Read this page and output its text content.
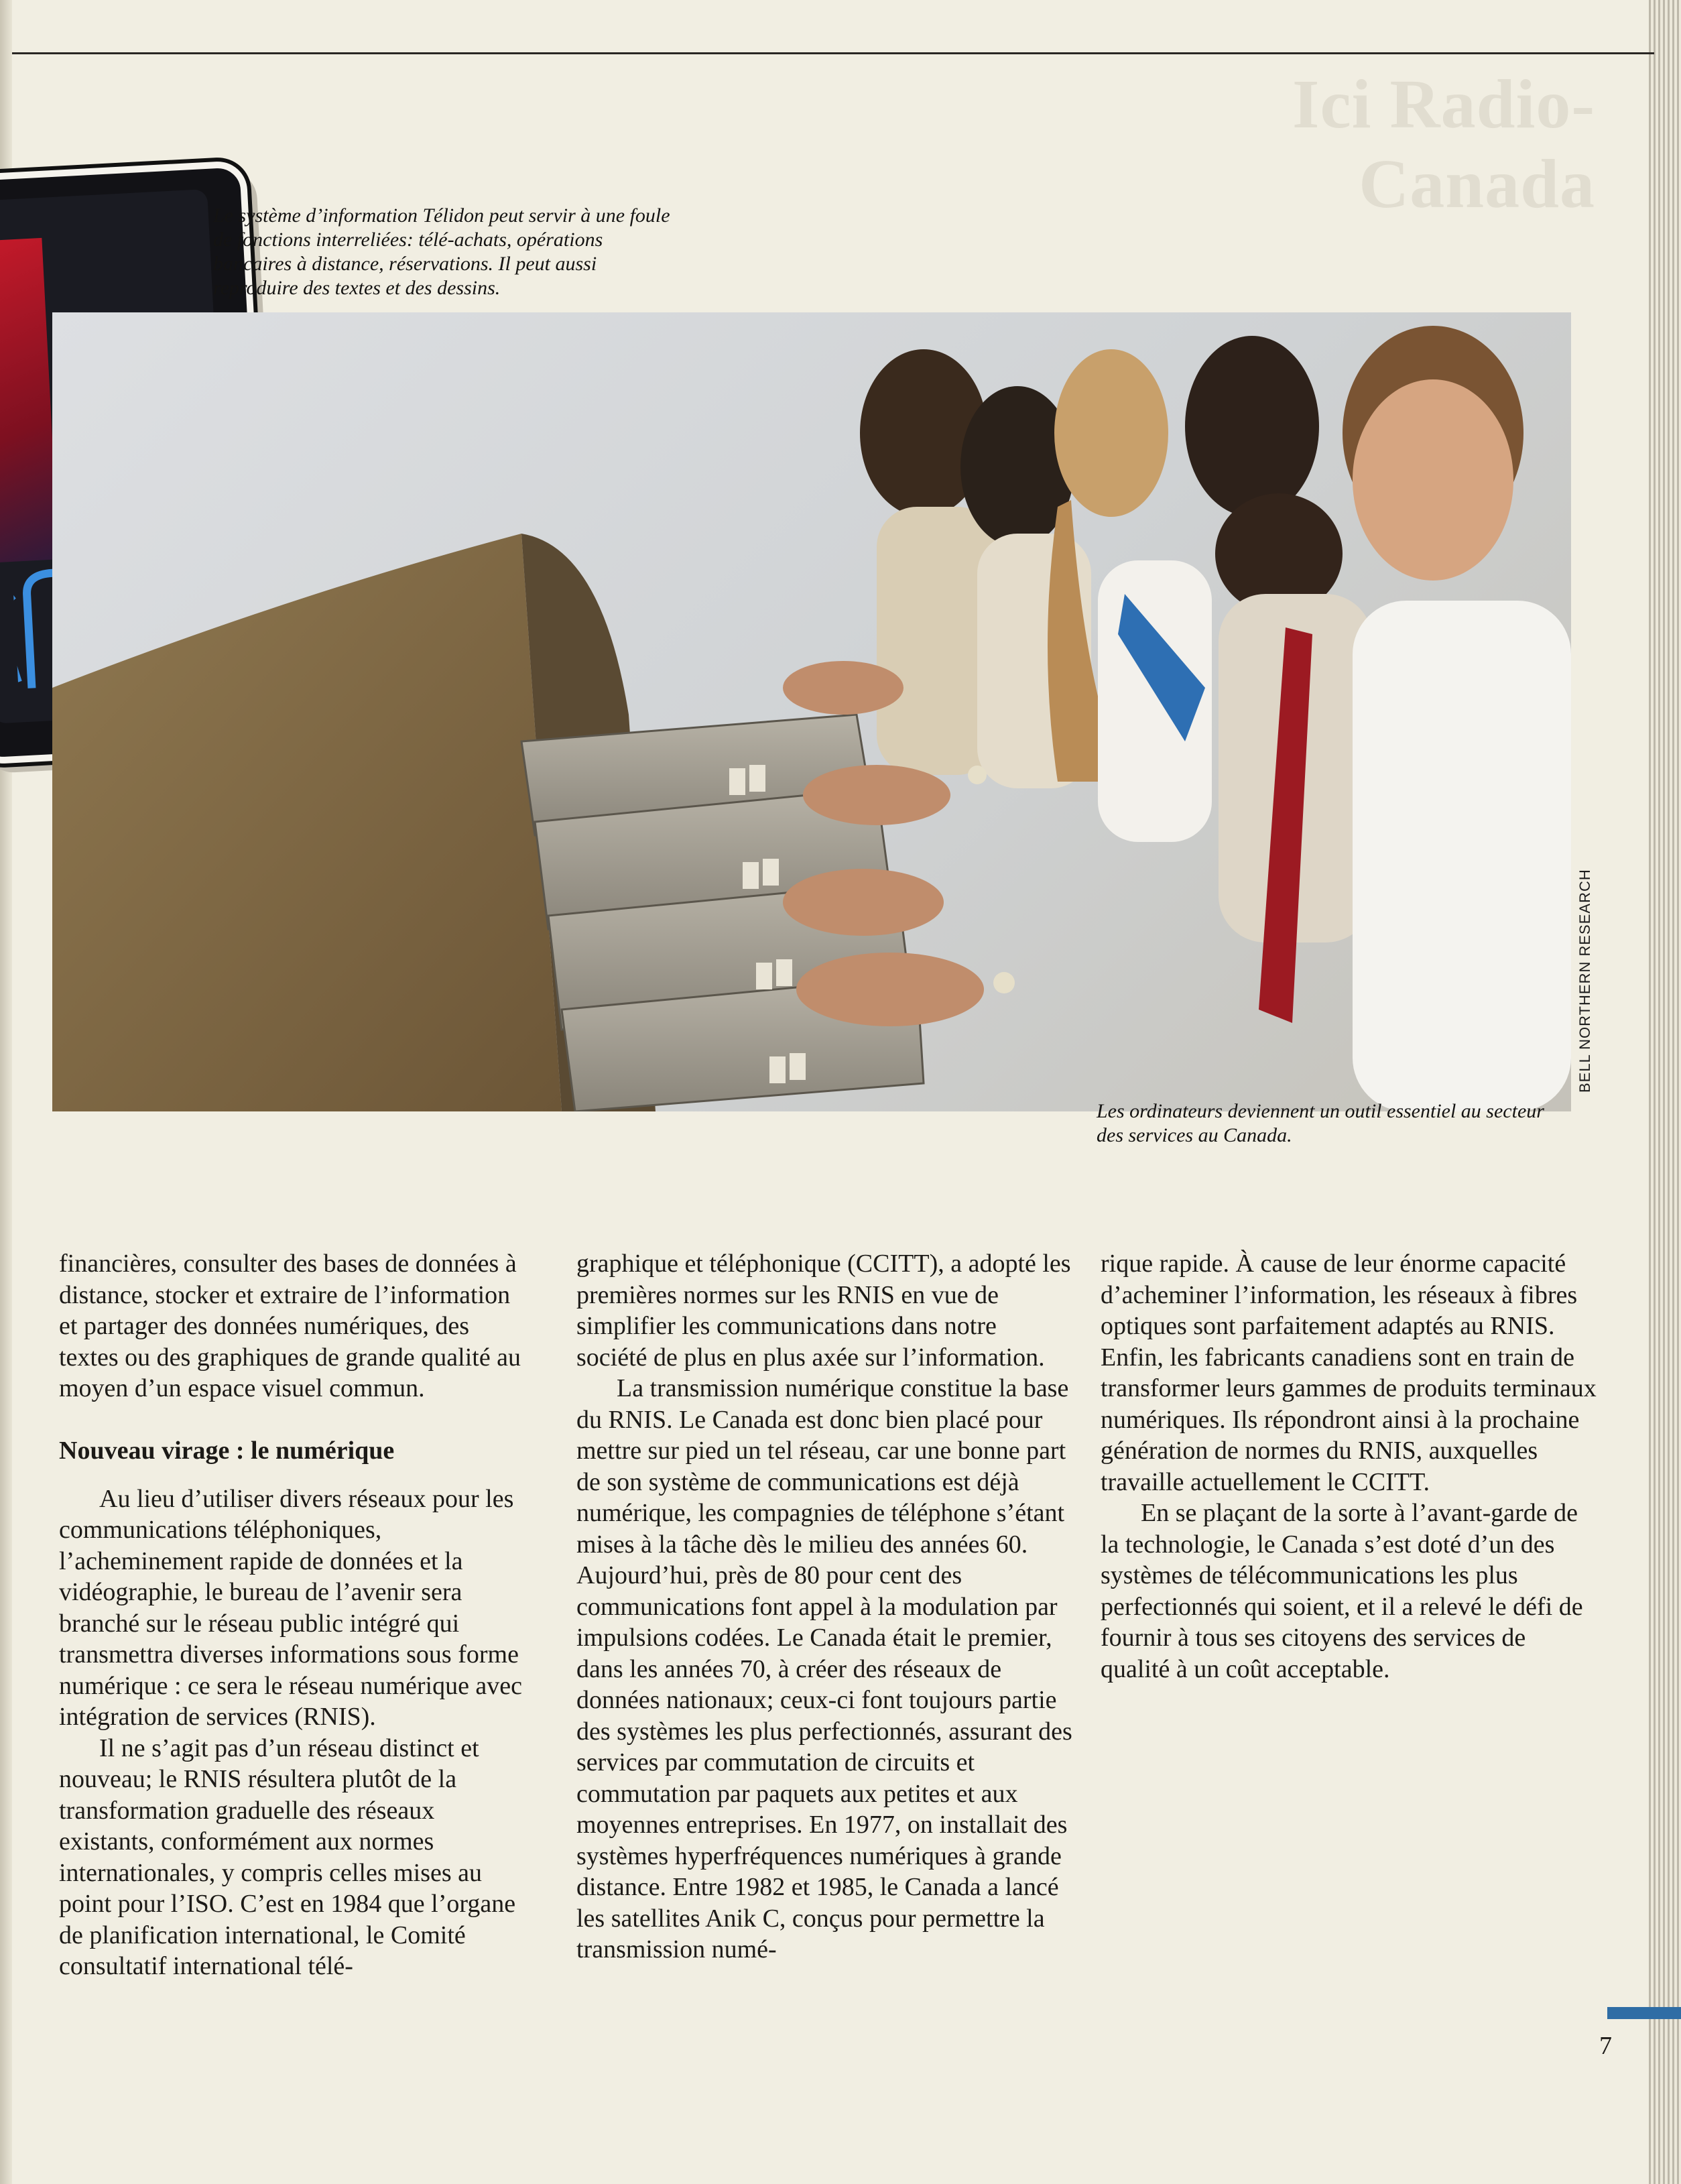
Ici Radio-Canada
Le système d’information Télidon peut servir à une foule de fonctions interreliées: télé-achats, opérations bancaires à distance, réservations. Il peut aussi reproduire des textes et des dessins.
BELL NORTHERN RESEARCH
Les ordinateurs deviennent un outil essentiel au secteur des services au Canada.

financières, consulter des bases de données à distance, stocker et extraire de l’information et partager des données numériques, des textes ou des graphiques de grande qualité au moyen d’un espace visuel commun.

Nouveau virage : le numérique

Au lieu d’utiliser divers réseaux pour les communications téléphoniques, l’acheminement rapide de données et la vidéographie, le bureau de l’avenir sera branché sur le réseau public intégré qui transmettra diverses informations sous forme numérique : ce sera le réseau numérique avec intégration de services (RNIS).

Il ne s’agit pas d’un réseau distinct et nouveau; le RNIS résultera plutôt de la transformation graduelle des réseaux existants, conformément aux normes internationales, y compris celles mises au point pour l’ISO. C’est en 1984 que l’organe de planification international, le Comité consultatif international télé-

graphique et téléphonique (CCITT), a adopté les premières normes sur les RNIS en vue de simplifier les communications dans notre société de plus en plus axée sur l’information.

La transmission numérique constitue la base du RNIS. Le Canada est donc bien placé pour mettre sur pied un tel réseau, car une bonne part de son système de communications est déjà numérique, les compagnies de téléphone s’étant mises à la tâche dès le milieu des années 60. Aujourd’hui, près de 80 pour cent des communications font appel à la modulation par impulsions codées. Le Canada était le premier, dans les années 70, à créer des réseaux de données nationaux; ceux-ci font toujours partie des systèmes les plus perfectionnés, assurant des services par commutation de circuits et commutation par paquets aux petites et aux moyennes entreprises. En 1977, on installait des systèmes hyperfréquences numériques à grande distance. Entre 1982 et 1985, le Canada a lancé les satellites Anik C, conçus pour permettre la transmission numé-

rique rapide. À cause de leur énorme capacité d’acheminer l’information, les réseaux à fibres optiques sont parfaitement adaptés au RNIS. Enfin, les fabricants canadiens sont en train de transformer leurs gammes de produits terminaux numériques. Ils répondront ainsi à la prochaine génération de normes du RNIS, auxquelles travaille actuellement le CCITT.

En se plaçant de la sorte à l’avant-garde de la technologie, le Canada s’est doté d’un des systèmes de télécommunications les plus perfectionnés qui soient, et il a relevé le défi de fournir à tous ses citoyens des services de qualité à un coût acceptable.

7
